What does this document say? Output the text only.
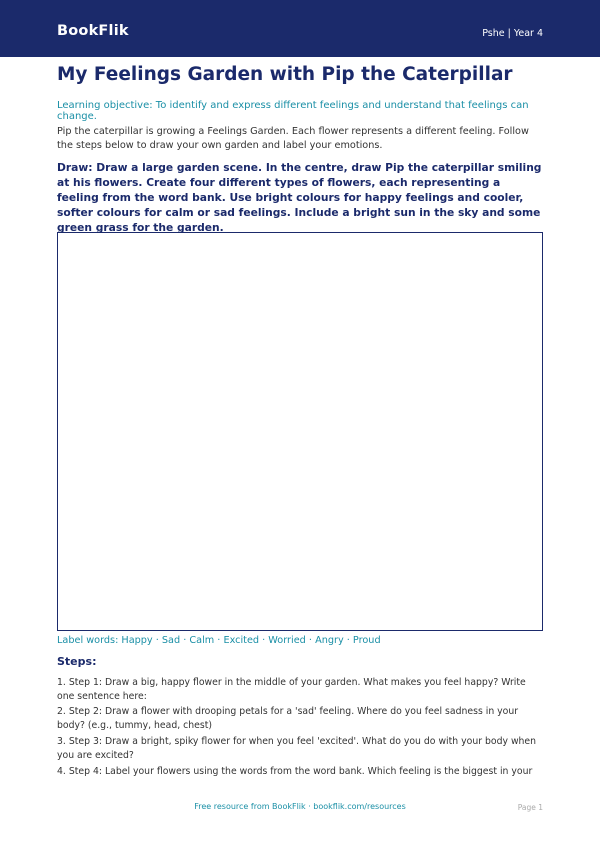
BookFlik	Pshe | Year 4
My Feelings Garden with Pip the Caterpillar
Learning objective: To identify and express different feelings and understand that feelings can change.
Pip the caterpillar is growing a Feelings Garden. Each flower represents a different feeling. Follow the steps below to draw your own garden and label your emotions.
Draw: Draw a large garden scene. In the centre, draw Pip the caterpillar smiling at his flowers. Create four different types of flowers, each representing a feeling from the word bank. Use bright colours for happy feelings and cooler, softer colours for calm or sad feelings. Include a bright sun in the sky and some green grass for the garden.
Label words: Happy · Sad · Calm · Excited · Worried · Angry · Proud
Steps:
1. Step 1: Draw a big, happy flower in the middle of your garden. What makes you feel happy? Write one sentence here:
2. Step 2: Draw a flower with drooping petals for a 'sad' feeling. Where do you feel sadness in your body? (e.g., tummy, head, chest)
3. Step 3: Draw a bright, spiky flower for when you feel 'excited'. What do you do with your body when you are excited?
4. Step 4: Label your flowers using the words from the word bank. Which feeling is the biggest in your
Free resource from BookFlik · bookflik.com/resources	Page 1
